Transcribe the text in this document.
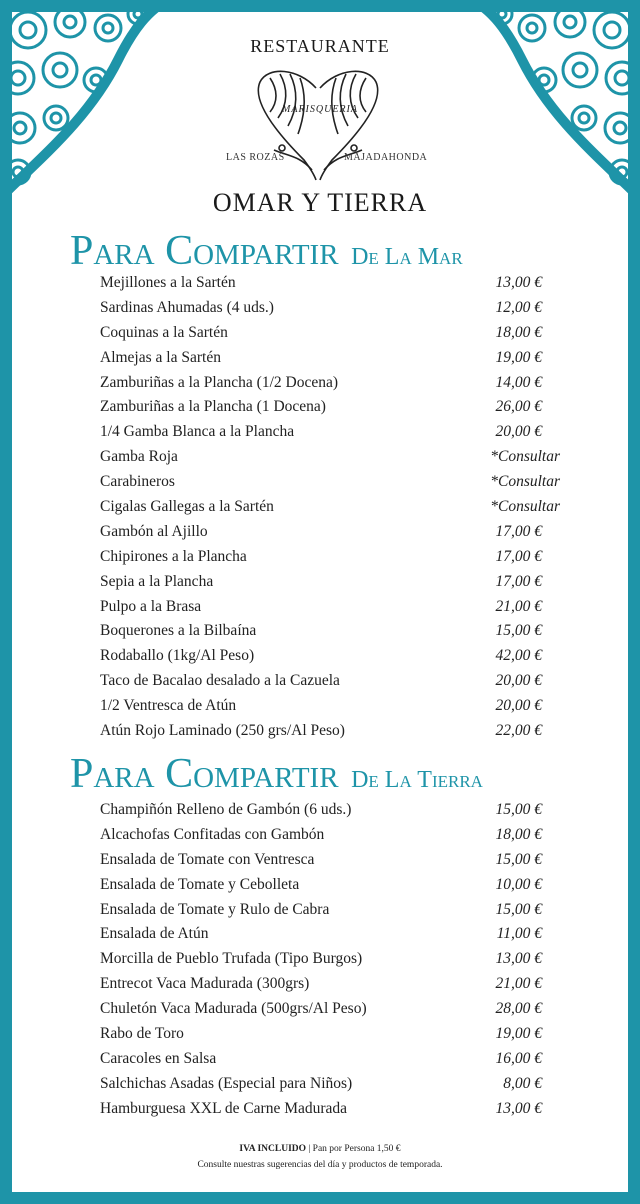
RESTAURANTE
MARISQUERIA
LAS ROZAS	MAJADAHONDA
OMAR Y TIERRA
Para Compartir De La Mar
Mejillones a la Sartén	13,00 €
Sardinas Ahumadas (4 uds.)	12,00 €
Coquinas a la Sartén	18,00 €
Almejas a la Sartén	19,00 €
Zamburiñas a la Plancha (1/2 Docena)	14,00 €
Zamburiñas a la Plancha (1 Docena)	26,00 €
1/4 Gamba Blanca a la Plancha	20,00 €
Gamba Roja	*Consultar
Carabineros	*Consultar
Cigalas Gallegas a la Sartén	*Consultar
Gambón al Ajillo	17,00 €
Chipirones a la Plancha	17,00 €
Sepia a la Plancha	17,00 €
Pulpo a la Brasa	21,00 €
Boquerones a la Bilbaína	15,00 €
Rodaballo (1kg/Al Peso)	42,00 €
Taco de Bacalao desalado a la Cazuela	20,00 €
1/2 Ventresca de Atún	20,00 €
Atún Rojo Laminado (250 grs/Al Peso)	22,00 €
Para Compartir De La Tierra
Champiñón Relleno de Gambón (6 uds.)	15,00 €
Alcachofas Confitadas con Gambón	18,00 €
Ensalada de Tomate con Ventresca	15,00 €
Ensalada de Tomate y Cebolleta	10,00 €
Ensalada de Tomate y Rulo de Cabra	15,00 €
Ensalada de Atún	11,00 €
Morcilla de Pueblo Trufada (Tipo Burgos)	13,00 €
Entrecot Vaca Madurada (300grs)	21,00 €
Chuletón Vaca Madurada (500grs/Al Peso)	28,00 €
Rabo de Toro	19,00 €
Caracoles en Salsa	16,00 €
Salchichas Asadas (Especial para Niños)	8,00 €
Hamburguesa XXL de Carne Madurada	13,00 €
IVA INCLUIDO | Pan por Persona 1,50 €
Consulte nuestras sugerencias del día y productos de temporada.
